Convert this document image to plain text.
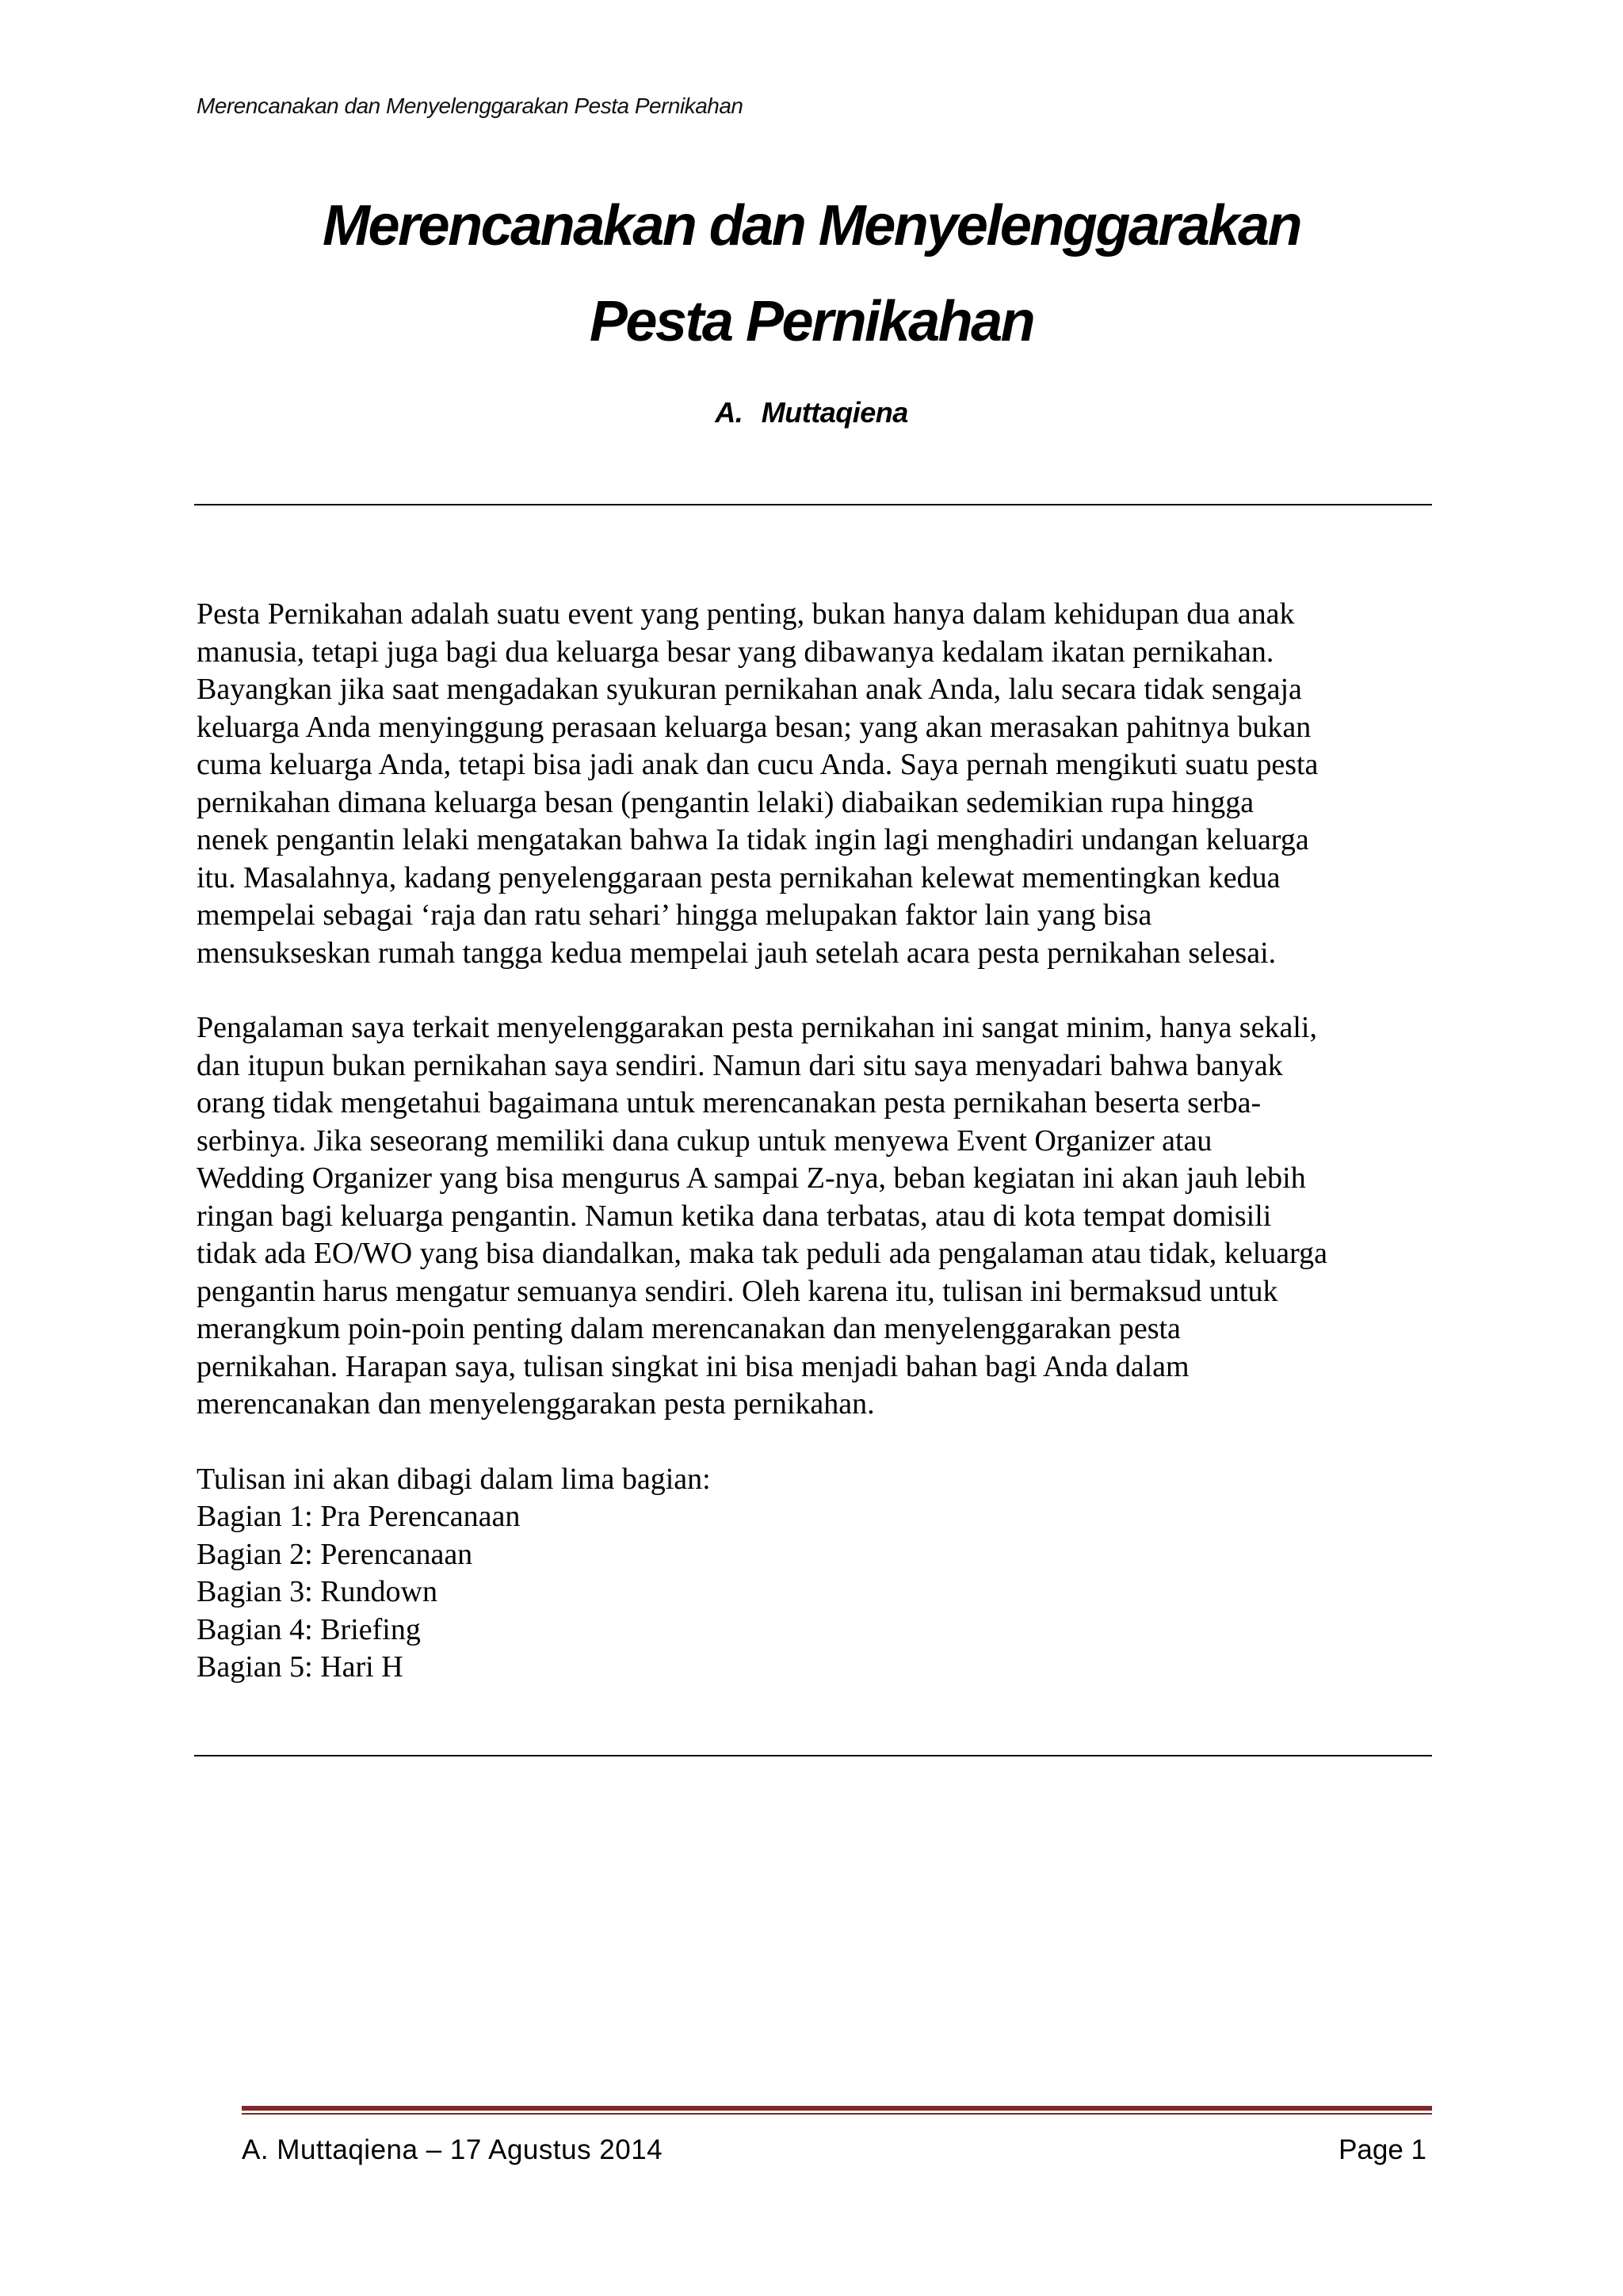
Merencanakan dan Menyelenggarakan Pesta Pernikahan
Merencanakan dan Menyelenggarakan
Pesta Pernikahan
A. Muttaqiena

Pesta Pernikahan adalah suatu event yang penting, bukan hanya dalam kehidupan dua anak
manusia, tetapi juga bagi dua keluarga besar yang dibawanya kedalam ikatan pernikahan.
Bayangkan jika saat mengadakan syukuran pernikahan anak Anda, lalu secara tidak sengaja
keluarga Anda menyinggung perasaan keluarga besan; yang akan merasakan pahitnya bukan
cuma keluarga Anda, tetapi bisa jadi anak dan cucu Anda. Saya pernah mengikuti suatu pesta
pernikahan dimana keluarga besan (pengantin lelaki) diabaikan sedemikian rupa hingga
nenek pengantin lelaki mengatakan bahwa Ia tidak ingin lagi menghadiri undangan keluarga
itu. Masalahnya, kadang penyelenggaraan pesta pernikahan kelewat mementingkan kedua
mempelai sebagai ‘raja dan ratu sehari’ hingga melupakan faktor lain yang bisa
mensukseskan rumah tangga kedua mempelai jauh setelah acara pesta pernikahan selesai.

Pengalaman saya terkait menyelenggarakan pesta pernikahan ini sangat minim, hanya sekali,
dan itupun bukan pernikahan saya sendiri. Namun dari situ saya menyadari bahwa banyak
orang tidak mengetahui bagaimana untuk merencanakan pesta pernikahan beserta serba-
serbinya. Jika seseorang memiliki dana cukup untuk menyewa Event Organizer atau
Wedding Organizer yang bisa mengurus A sampai Z-nya, beban kegiatan ini akan jauh lebih
ringan bagi keluarga pengantin. Namun ketika dana terbatas, atau di kota tempat domisili
tidak ada EO/WO yang bisa diandalkan, maka tak peduli ada pengalaman atau tidak, keluarga
pengantin harus mengatur semuanya sendiri. Oleh karena itu, tulisan ini bermaksud untuk
merangkum poin-poin penting dalam merencanakan dan menyelenggarakan pesta
pernikahan. Harapan saya, tulisan singkat ini bisa menjadi bahan bagi Anda dalam
merencanakan dan menyelenggarakan pesta pernikahan.

Tulisan ini akan dibagi dalam lima bagian:

Bagian 1: Pra Perencanaan

Bagian 2: Perencanaan

Bagian 3: Rundown

Bagian 4: Briefing

Bagian 5: Hari H

A. Muttaqiena – 17 Agustus 2014	Page 1
